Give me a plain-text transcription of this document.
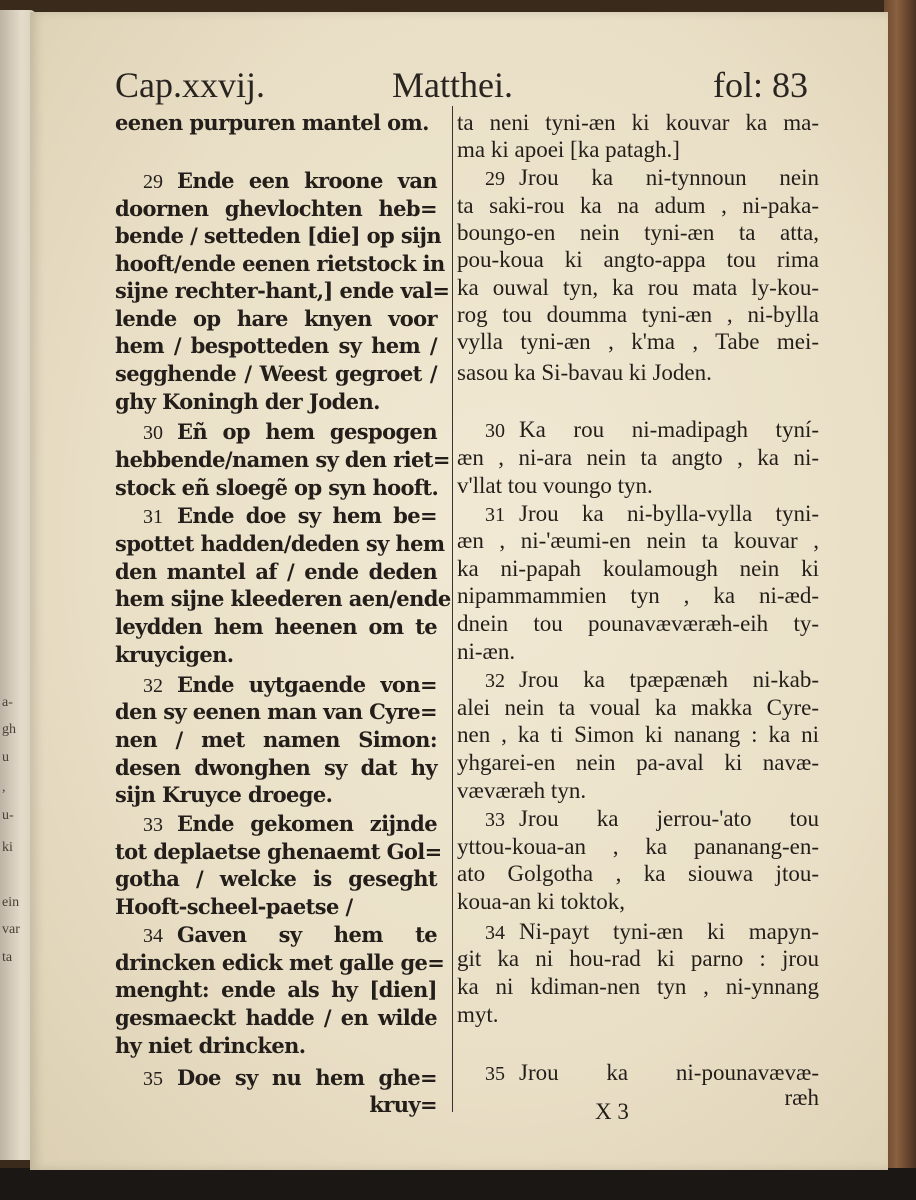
a-
gh
u
,
u-
ki
ein
var
ta
Cap.xxvij.	Matthei.	fol: 83
X 3
eenen purpuren mantel om.
29 Ende een kroone van
doornen ghevlochten heb=
bende / setteden [die] op sijn
hooft/ende eenen rietstock in
sijne rechter-hant,] ende val=
lende op hare knyen voor
hem / bespotteden sy hem /
segghende / Weest gegroet /
ghy Koningh der Joden.
30 Eñ op hem gespogen
hebbende/namen sy den riet=
stock eñ sloegẽ op syn hooft.
31 Ende doe sy hem be=
spottet hadden/deden sy hem
den mantel af / ende deden
hem sijne kleederen aen/ende
leydden hem heenen om te
kruycigen.
32 Ende uytgaende von=
den sy eenen man van Cyre=
nen / met namen Simon:
desen dwonghen sy dat hy
sijn Kruyce droege.
33 Ende gekomen zijnde
tot deplaetse ghenaemt Gol=
gotha / welcke is geseght
Hooft-scheel-paetse /
34 Gaven sy hem te
drincken edick met galle ge=
menght: ende als hy [dien]
gesmaeckt hadde / en wilde
hy niet drincken.
35 Doe sy nu hem ghe=
kruy=
ta neni tyni-æn ki kouvar ka ma-
ma ki apoei [ka patagh.]
29 Jrou ka ni-tynnoun nein
ta saki-rou ka na adum , ni-paka-
boungo-en nein tyni-æn ta atta,
pou-koua ki angto-appa tou rima
ka ouwal tyn, ka rou mata ly-kou-
rog tou doumma tyni-æn , ni-bylla
vylla tyni-æn , k'ma , Tabe mei-
sasou ka Si-bavau ki Joden.
30 Ka rou ni-madipagh tyní-
æn , ni-ara nein ta angto , ka ni-
v'llat tou voungo tyn.
31 Jrou ka ni-bylla-vylla tyni-
æn , ni-'æumi-en nein ta kouvar ,
ka ni-papah koulamough nein ki
nipammammien tyn , ka ni-æd-
dnein tou pounavæværæh-eih ty-
ni-æn.
32 Jrou ka tpæpænæh ni-kab-
alei nein ta voual ka makka Cyre-
nen , ka ti Simon ki nanang : ka ni
yhgarei-en nein pa-aval ki navæ-
væværæh tyn.
33 Jrou ka jerrou-'ato tou
yttou-koua-an , ka pananang-en-
ato Golgotha , ka siouwa jtou-
koua-an ki toktok,
34 Ni-payt tyni-æn ki mapyn-
git ka ni hou-rad ki parno : jrou
ka ni kdiman-nen tyn , ni-ynnang
myt.
35 Jrou ka ni-pounavævæ-
ræh
